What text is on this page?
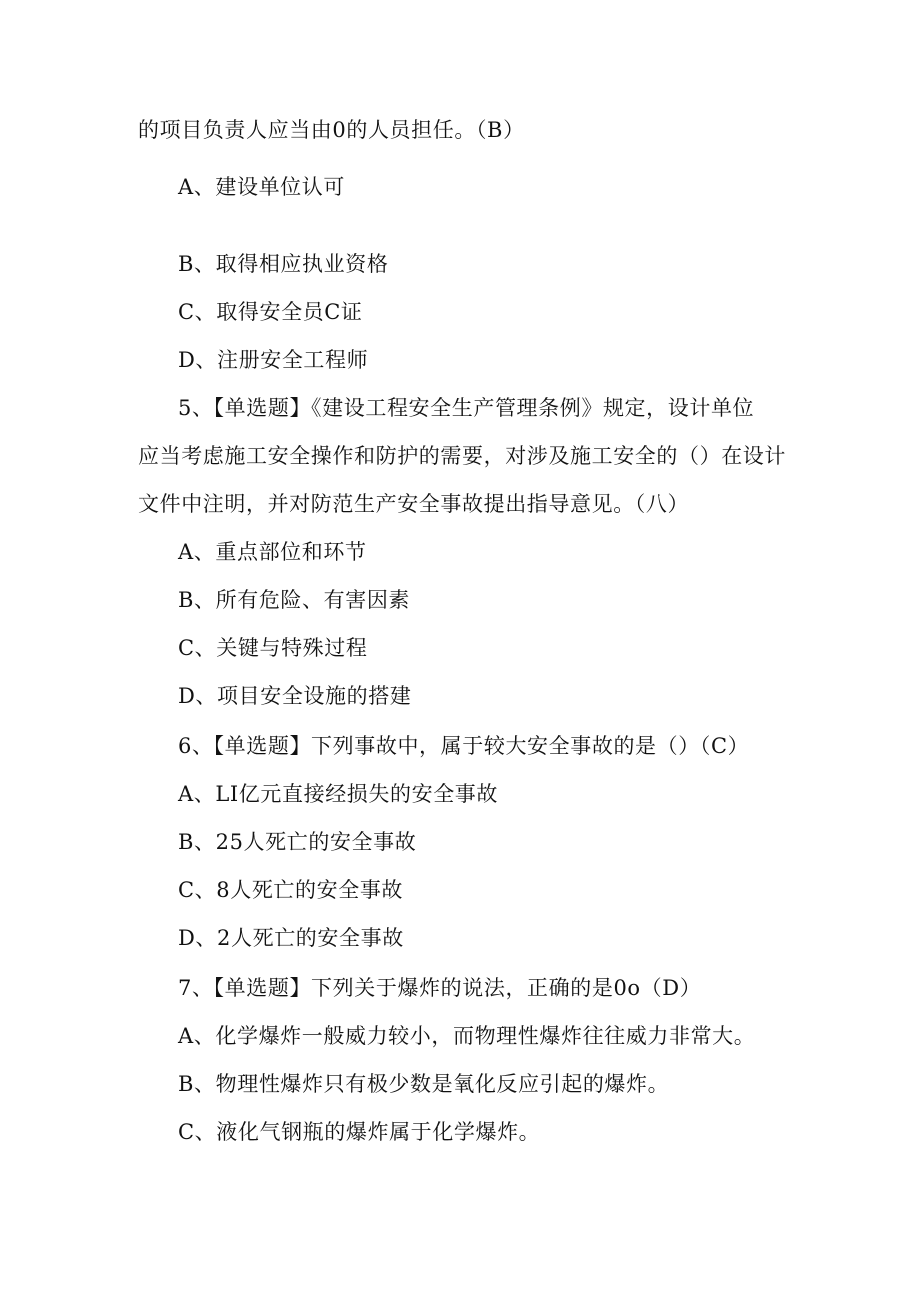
的项目负责人应当由0的人员担任。（B）

A、建设单位认可

B、取得相应执业资格

C、取得安全员C证

D、注册安全工程师

5、【单选题】《建设工程安全生产管理条例》规定，设计单位

应当考虑施工安全操作和防护的需要，对涉及施工安全的（）在设计

文件中注明，并对防范生产安全事故提出指导意见。（八）

A、重点部位和环节

B、所有危险、有害因素

C、关键与特殊过程

D、项目安全设施的搭建

6、【单选题】下列事故中，属于较大安全事故的是（）（C）

A、LI亿元直接经损失的安全事故

B、25人死亡的安全事故

C、8人死亡的安全事故

D、2人死亡的安全事故

7、【单选题】下列关于爆炸的说法，正确的是0o（D）

A、化学爆炸一般威力较小，而物理性爆炸往往威力非常大。

B、物理性爆炸只有极少数是氧化反应引起的爆炸。

C、液化气钢瓶的爆炸属于化学爆炸。
